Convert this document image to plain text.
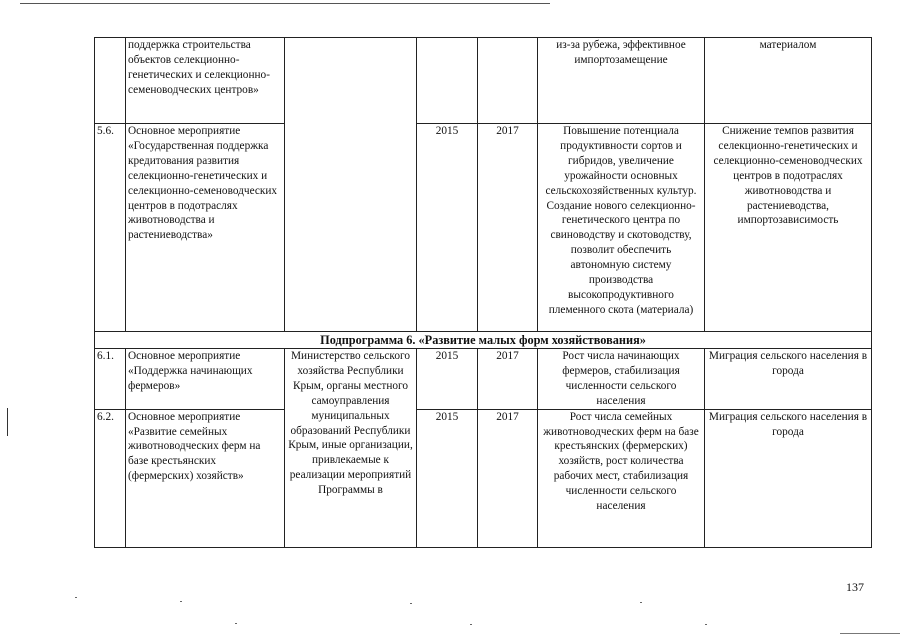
	поддержка строительства объектов селекционно-генетических и селекционно-семеноводческих центров»				из-за рубежа, эффективное импортозамещение	материалом
5.6.	Основное мероприятие «Государственная поддержка кредитования развития селекционно-генетических и селекционно-семеноводческих центров в подотраслях животноводства и растениеводства»		2015	2017	Повышение потенциала продуктивности сортов и гибридов, увеличение урожайности основных сельскохозяйственных культур. Создание нового селекционно-генетического центра по свиноводству и скотоводству, позволит обеспечить автономную систему производства высокопродуктивного племенного скота (материала)	Снижение темпов развития селекционно-генетических и селекционно-семеноводческих центров в подотраслях животноводства и растениеводства, импортозависимость
Подпрограмма 6. «Развитие малых форм хозяйствования»						
6.1.	Основное мероприятие «Поддержка начинающих фермеров»	Министерство сельского хозяйства Республики Крым, органы местного самоуправления муниципальных образований Республики Крым, иные организации, привлекаемые к реализации мероприятий Программы в	2015	2017	Рост числа начинающих фермеров, стабилизация численности сельского населения	Миграция сельского населения в города
6.2.	Основное мероприятие «Развитие семейных животноводческих ферм на базе крестьянских (фермерских) хозяйств»		2015	2017	Рост числа семейных животноводческих ферм на базе крестьянских (фермерских) хозяйств, рост количества рабочих мест, стабилизация численности сельского населения	Миграция сельского населения в города
137
